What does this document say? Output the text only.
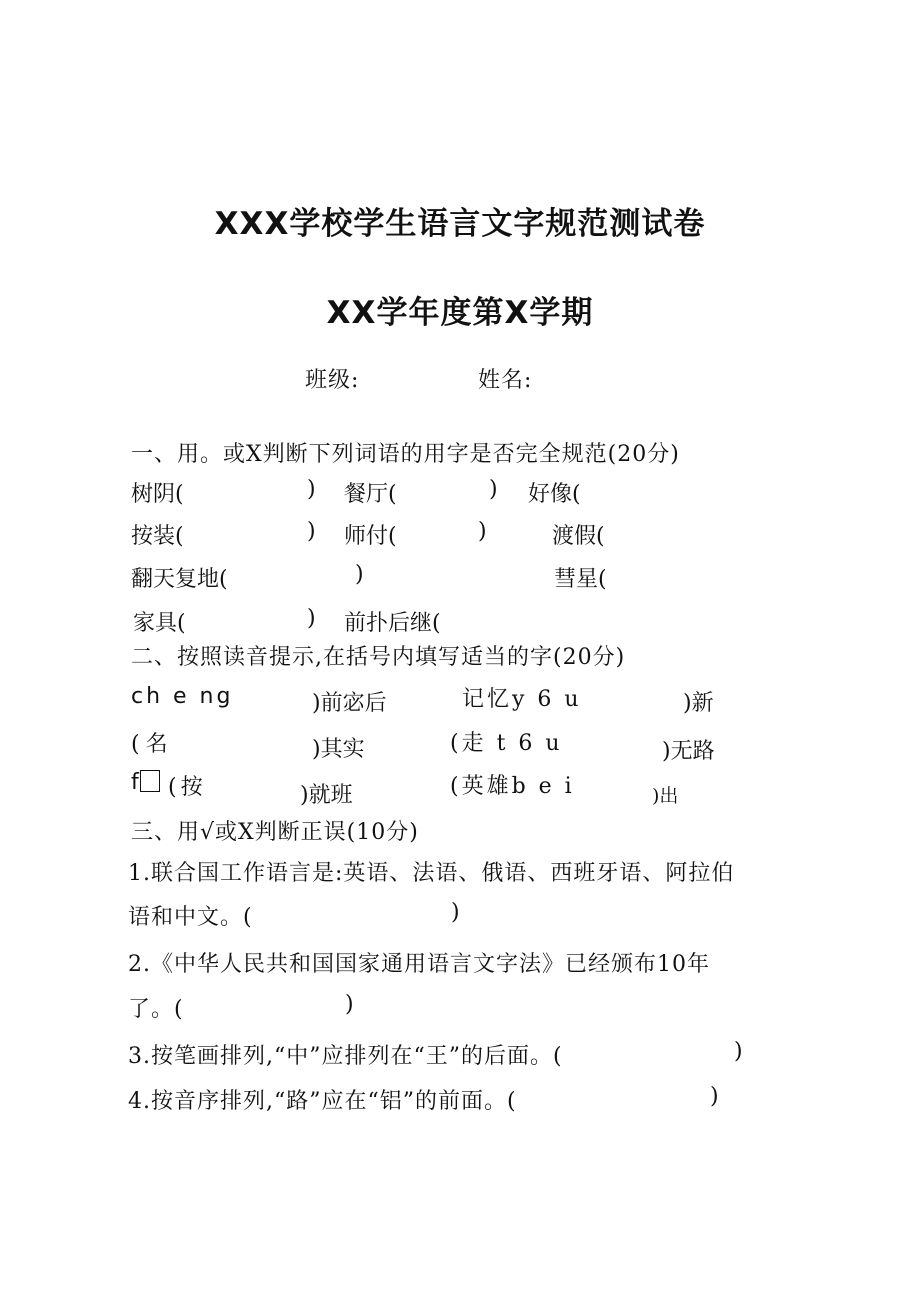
XXX学校学生语言文字规范测试卷
XX学年度第X学期
班级:	姓名:
一、用。或X判断下列词语的用字是否完全规范(20分)
树阴(	) 餐厅(	) 好像(
按装(	) 师付(	)	渡假(
翻天复地(	)	彗星(
家具(	) 前扑后继(
二、按照读音提示,在括号内填写适当的字(20分)
ch e ng	)前宓后	记忆y 6 u	)新
(名	)其实	(走 t 6 u	)无路
f	(按	)就班	(英雄b e i	)出
三、用√或X判断正误(10分)
1.联合国工作语言是:英语、法语、俄语、西班牙语、阿拉伯
语和中文。(	)
2.《中华人民共和国国家通用语言文字法》已经颁布10年
了。(	)
3.按笔画排列,“中”应排列在“王”的后面。(	)
4.按音序排列,“路”应在“铝”的前面。(	)
